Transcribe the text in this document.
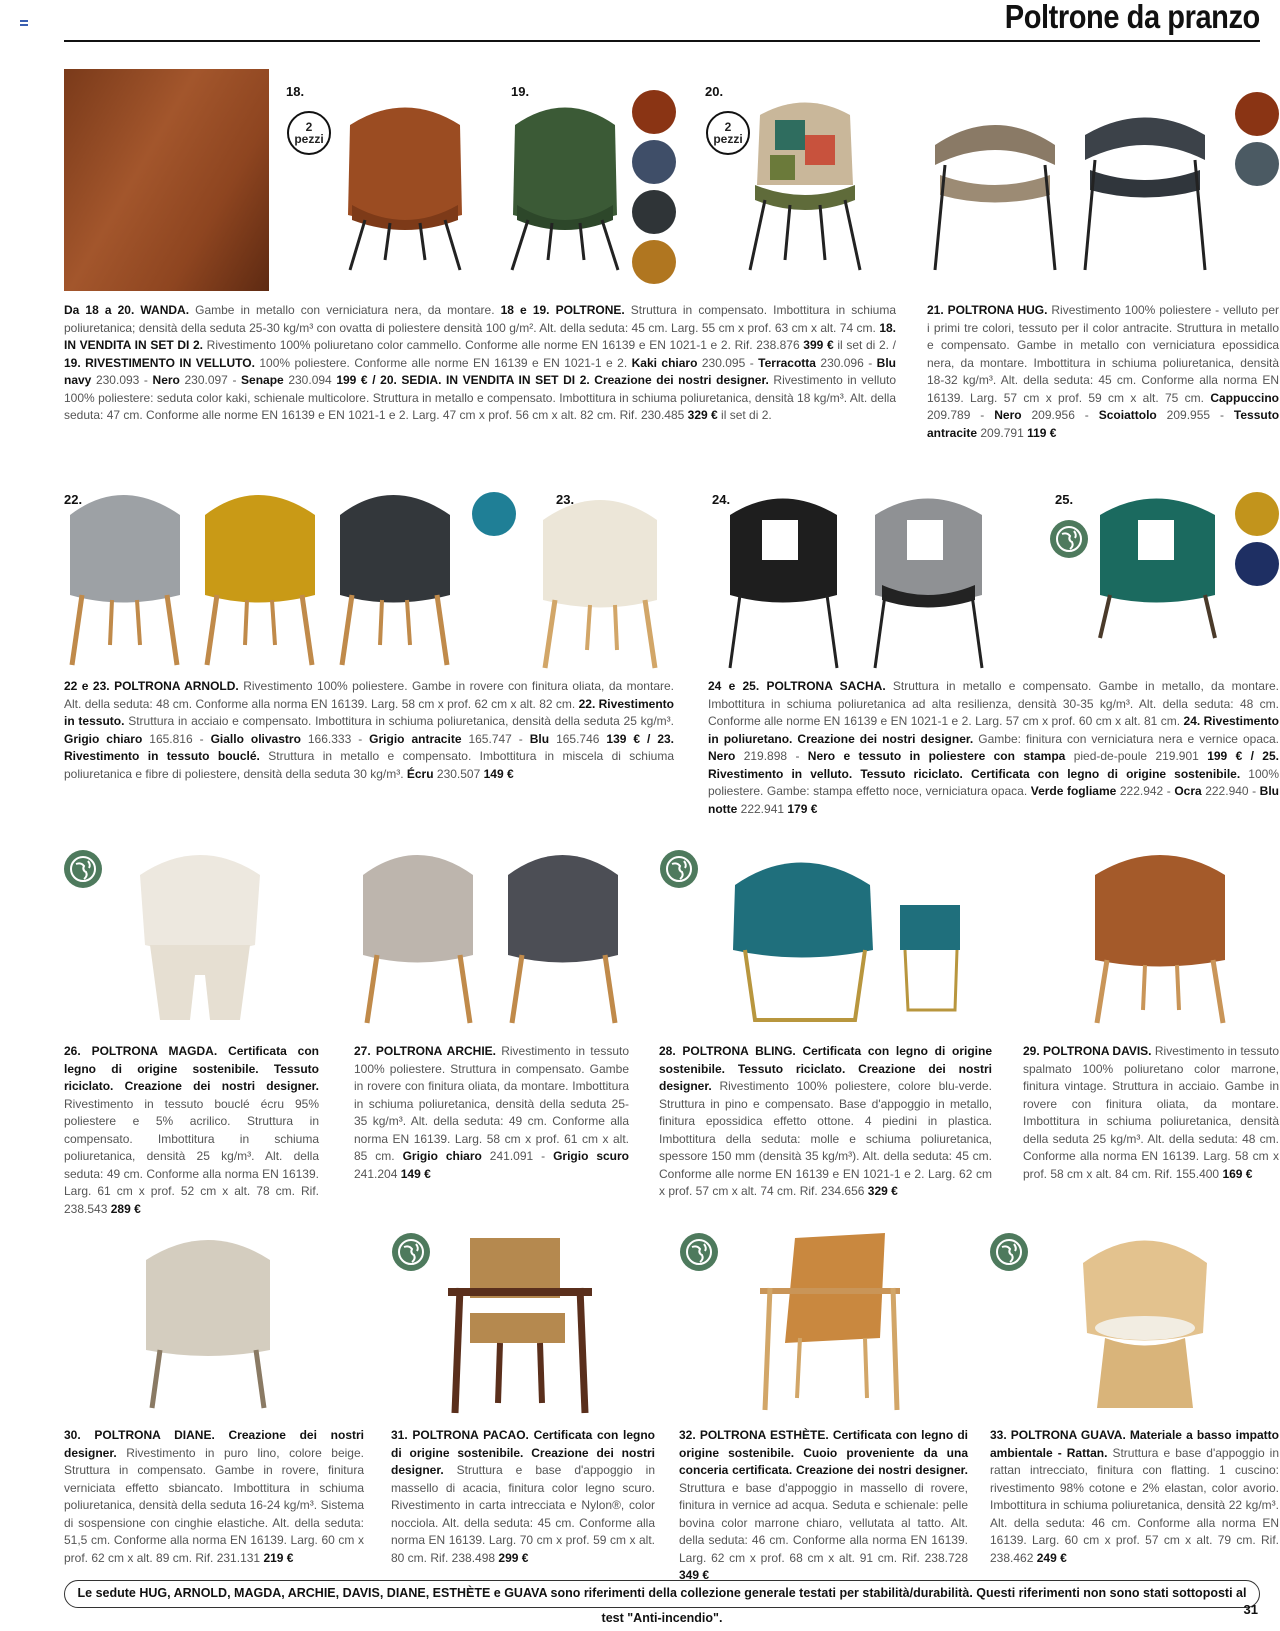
Poltrone da pranzo
18.
2
pezzi
19.	20.
2
pezzi
Da 18 a 20. WANDA. Gambe in metallo con verniciatura nera, da montare. 18 e 19. POLTRONE. Struttura in compensato. Imbottitura in schiuma poliuretanica; densità della seduta 25-30 kg/m³ con ovatta di poliestere densità 100 g/m². Alt. della seduta: 45 cm. Larg. 55 cm x prof. 63 cm x alt. 74 cm. 18. IN VENDITA IN SET DI 2. Rivestimento 100% poliuretano color cammello. Conforme alle norme EN 16139 e EN 1021-1 e 2. Rif. 238.876 399 € il set di 2. / 19. RIVESTIMENTO IN VELLUTO. 100% poliestere. Conforme alle norme EN 16139 e EN 1021-1 e 2. Kaki chiaro 230.095 - Terracotta 230.096 - Blu navy 230.093 - Nero 230.097 - Senape 230.094 199 € / 20. SEDIA. IN VENDITA IN SET DI 2. Creazione dei nostri designer. Rivestimento in velluto 100% poliestere: seduta color kaki, schienale multicolore. Struttura in metallo e compensato. Imbottitura in schiuma poliuretanica, densità 18 kg/m³. Alt. della seduta: 47 cm. Conforme alle norme EN 16139 e EN 1021-1 e 2. Larg. 47 cm x prof. 56 cm x alt. 82 cm. Rif. 230.485 329 € il set di 2.
21. POLTRONA HUG. Rivestimento 100% poliestere - velluto per i primi tre colori, tessuto per il color antracite. Struttura in metallo e compensato. Gambe in metallo con verniciatura epossidica nera, da montare. Imbottitura in schiuma poliuretanica, densità 18-32 kg/m³. Alt. della seduta: 45 cm. Conforme alla norma EN 16139. Larg. 57 cm x prof. 59 cm x alt. 75 cm. Cappuccino 209.789 - Nero 209.956 - Scoiattolo 209.955 - Tessuto antracite 209.791 119 €
22.	23.	24.	25.
22 e 23. POLTRONA ARNOLD. Rivestimento 100% poliestere. Gambe in rovere con finitura oliata, da montare. Alt. della seduta: 48 cm. Conforme alla norma EN 16139. Larg. 58 cm x prof. 62 cm x alt. 82 cm. 22. Rivestimento in tessuto. Struttura in acciaio e compensato. Imbottitura in schiuma poliuretanica, densità della seduta 25 kg/m³. Grigio chiaro 165.816 - Giallo olivastro 166.333 - Grigio antracite 165.747 - Blu 165.746 139 € / 23. Rivestimento in tessuto bouclé. Struttura in metallo e compensato. Imbottitura in miscela di schiuma poliuretanica e fibre di poliestere, densità della seduta 30 kg/m³. Écru 230.507 149 €
24 e 25. POLTRONA SACHA. Struttura in metallo e compensato. Gambe in metallo, da montare. Imbottitura in schiuma poliuretanica ad alta resilienza, densità 30-35 kg/m³. Alt. della seduta: 48 cm. Conforme alle norme EN 16139 e EN 1021-1 e 2. Larg. 57 cm x prof. 60 cm x alt. 81 cm. 24. Rivestimento in poliuretano. Creazione dei nostri designer. Gambe: finitura con verniciatura nera e vernice opaca. Nero 219.898 - Nero e tessuto in poliestere con stampa pied-de-poule 219.901 199 € / 25. Rivestimento in velluto. Tessuto riciclato. Certificata con legno di origine sostenibile. 100% poliestere. Gambe: stampa effetto noce, verniciatura opaca. Verde fogliame 222.942 - Ocra 222.940 - Blu notte 222.941 179 €
26. POLTRONA MAGDA. Certificata con legno di origine sostenibile. Tessuto riciclato. Creazione dei nostri designer. Rivestimento in tessuto bouclé écru 95% poliestere e 5% acrilico. Struttura in compensato. Imbottitura in schiuma poliuretanica, densità 25 kg/m³. Alt. della seduta: 49 cm. Conforme alla norma EN 16139. Larg. 61 cm x prof. 52 cm x alt. 78 cm. Rif. 238.543 289 €
27. POLTRONA ARCHIE. Rivestimento in tessuto 100% poliestere. Struttura in compensato. Gambe in rovere con finitura oliata, da montare. Imbottitura in schiuma poliuretanica, densità della seduta 25-35 kg/m³. Alt. della seduta: 49 cm. Conforme alla norma EN 16139. Larg. 58 cm x prof. 61 cm x alt. 85 cm. Grigio chiaro 241.091 - Grigio scuro 241.204 149 €
28. POLTRONA BLING. Certificata con legno di origine sostenibile. Tessuto riciclato. Creazione dei nostri designer. Rivestimento 100% poliestere, colore blu-verde. Struttura in pino e compensato. Base d'appoggio in metallo, finitura epossidica effetto ottone. 4 piedini in plastica. Imbottitura della seduta: molle e schiuma poliuretanica, spessore 150 mm (densità 35 kg/m³). Alt. della seduta: 45 cm. Conforme alle norme EN 16139 e EN 1021-1 e 2. Larg. 62 cm x prof. 57 cm x alt. 74 cm. Rif. 234.656 329 €
29. POLTRONA DAVIS. Rivestimento in tessuto spalmato 100% poliuretano color marrone, finitura vintage. Struttura in acciaio. Gambe in rovere con finitura oliata, da montare. Imbottitura in schiuma poliuretanica, densità della seduta 25 kg/m³. Alt. della seduta: 48 cm. Conforme alla norma EN 16139. Larg. 58 cm x prof. 58 cm x alt. 84 cm. Rif. 155.400 169 €
30. POLTRONA DIANE. Creazione dei nostri designer. Rivestimento in puro lino, colore beige. Struttura in compensato. Gambe in rovere, finitura verniciata effetto sbiancato. Imbottitura in schiuma poliuretanica, densità della seduta 16-24 kg/m³. Sistema di sospensione con cinghie elastiche. Alt. della seduta: 51,5 cm. Conforme alla norma EN 16139. Larg. 60 cm x prof. 62 cm x alt. 89 cm. Rif. 231.131 219 €
31. POLTRONA PACAO. Certificata con legno di origine sostenibile. Creazione dei nostri designer. Struttura e base d'appoggio in massello di acacia, finitura color legno scuro. Rivestimento in carta intrecciata e Nylon®, color nocciola. Alt. della seduta: 45 cm. Conforme alla norma EN 16139. Larg. 70 cm x prof. 59 cm x alt. 80 cm. Rif. 238.498 299 €
32. POLTRONA ESTHÈTE. Certificata con legno di origine sostenibile. Cuoio proveniente da una conceria certificata. Creazione dei nostri designer. Struttura e base d'appoggio in massello di rovere, finitura in vernice ad acqua. Seduta e schienale: pelle bovina color marrone chiaro, vellutata al tatto. Alt. della seduta: 46 cm. Conforme alla norma EN 16139. Larg. 62 cm x prof. 68 cm x alt. 91 cm. Rif. 238.728 349 €
33. POLTRONA GUAVA. Materiale a basso impatto ambientale - Rattan. Struttura e base d'appoggio in rattan intrecciato, finitura con flatting. 1 cuscino: rivestimento 98% cotone e 2% elastan, color avorio. Imbottitura in schiuma poliuretanica, densità 22 kg/m³. Alt. della seduta: 46 cm. Conforme alla norma EN 16139. Larg. 60 cm x prof. 57 cm x alt. 79 cm. Rif. 238.462 249 €
Le sedute HUG, ARNOLD, MAGDA, ARCHIE, DAVIS, DIANE, ESTHÈTE e GUAVA sono riferimenti della collezione generale testati per stabilità/durabilità. Questi riferimenti non sono stati sottoposti al test "Anti-incendio".
31
